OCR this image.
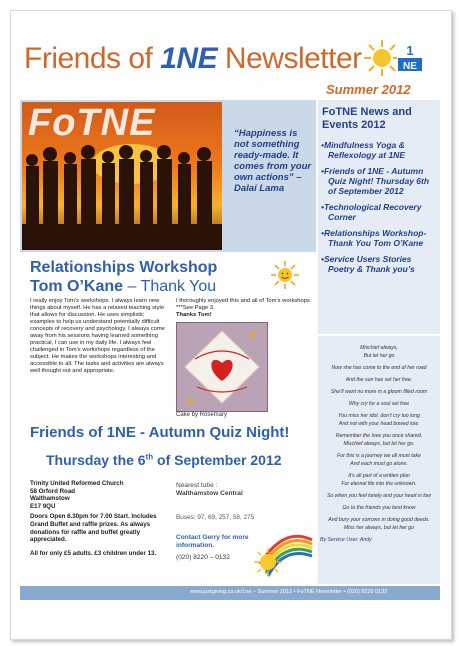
Friends of 1NE Newsletter	1
NE
Summer 2012
FoTNE	“Happiness is not something ready-made. It comes from your own actions” – Dalai Lama
FoTNE News and Events 2012
• Mindfulness Yoga & Reflexology at 1NE
• Friends of 1NE - Autumn Quiz Night! Thursday 6th of September 2012
• Technological Recovery Corner
• Relationships Workshop- Thank You Tom O’Kane
• Service Users Stories Poetry & Thank you’s

Mischief always,
But let her go

Now she has come to the end of her road

And the sun has set her free.

She’ll want no more in a gloom filled room

Why cry for a soul set free

You miss her idol, don’t cry too long
And not with your head bowed low.

Remember the love you once shared,
Mischief always, but let her go.

For this is a journey we all must take
And each must go alone.

It’s all part of a written plan
For eternal life into the unknown.

So when you feel lonely and your heart is low

Go to the friends you best know

And bury your sorrows in doing good deeds.
Miss her always, but let her go

By Service User: Andy

Relationships Workshop
Tom O’Kane – Thank You
I really enjoy Tom’s workshops. I always learn new things about myself. He has a relaxed teaching style that allows for discussion. He uses simplistic examples to help us understand potentially difficult concepts of recovery and psychology. I always come away from his sessions having learned something practical, I can use in my daily life. I always feel challenged in Tom’s workshops regardless of the subject. He makes the workshops interesting and accessible to all. The tasks and activities are always well thought out and appropriate.
I thoroughly enjoyed this and all of Tom’s workshops. ***See Page 3.
Thanks Tom!
Cake by Rosemary
Friends of 1NE - Autumn Quiz Night!
Thursday the 6th of September 2012
Trinity United Reformed Church
58 Orford Road
Walthamstow
E17 9QU
Doors Open 6.30pm for 7.00 Start. Includes Grand Buffet and raffle prizes. As always donations for raffle and buffet greatly appreciated.
All for only £5 adults. £3 children under 13.
Nearest tube :
Walthamstow Central
Buses: 97, 69, 257, 58, 275
Contact Gerry for more information.
(020) 8220 – 0132
www.justgiving.co.uk/1ne – Summer 2012 • FoTNE Newsletter • (020) 8220 0132
